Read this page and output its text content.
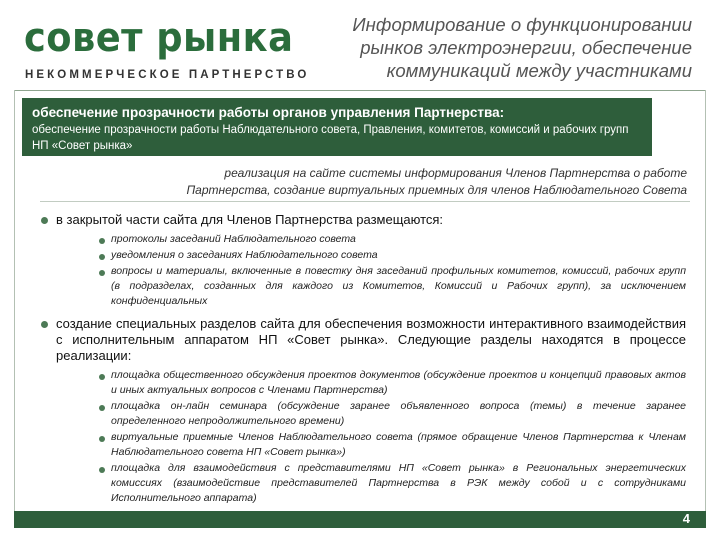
совет рынка
НЕКОММЕРЧЕСКОЕ ПАРТНЕРСТВО
Информирование о функционировании
рынков электроэнергии, обеспечение
коммуникаций между участниками
обеспечение прозрачности работы органов управления Партнерства:
обеспечение прозрачности работы Наблюдательного совета, Правления, комитетов, комиссий и рабочих групп НП «Совет рынка»
реализация на сайте системы информирования Членов Партнерства о работе
Партнерства, создание виртуальных приемных для членов Наблюдательного Совета
в закрытой части сайта для Членов Партнерства размещаются:
протоколы заседаний Наблюдательного совета
уведомления о заседаниях Наблюдательного совета
вопросы и материалы, включенные в повестку дня заседаний профильных комитетов, комиссий, рабочих групп (в подразделах, созданных для каждого из Комитетов, Комиссий и Рабочих групп), за исключением конфиденциальных
создание специальных разделов сайта для обеспечения возможности интерактивного взаимодействия с исполнительным аппаратом НП «Совет рынка». Следующие разделы находятся в процессе реализации:
площадка общественного обсуждения проектов документов (обсуждение проектов и концепций правовых актов и иных актуальных вопросов с Членами Партнерства)
площадка он-лайн семинара (обсуждение заранее объявленного вопроса (темы) в течение заранее определенного непродолжительного времени)
виртуальные приемные Членов Наблюдательного совета (прямое обращение Членов Партнерства к Членам Наблюдательного совета НП «Совет рынка»)
площадка для взаимодействия с представителями НП «Совет рынка» в Региональных энергетических комиссиях (взаимодействие представителей Партнерства в РЭК между собой и с сотрудниками Исполнительного аппарата)
4
